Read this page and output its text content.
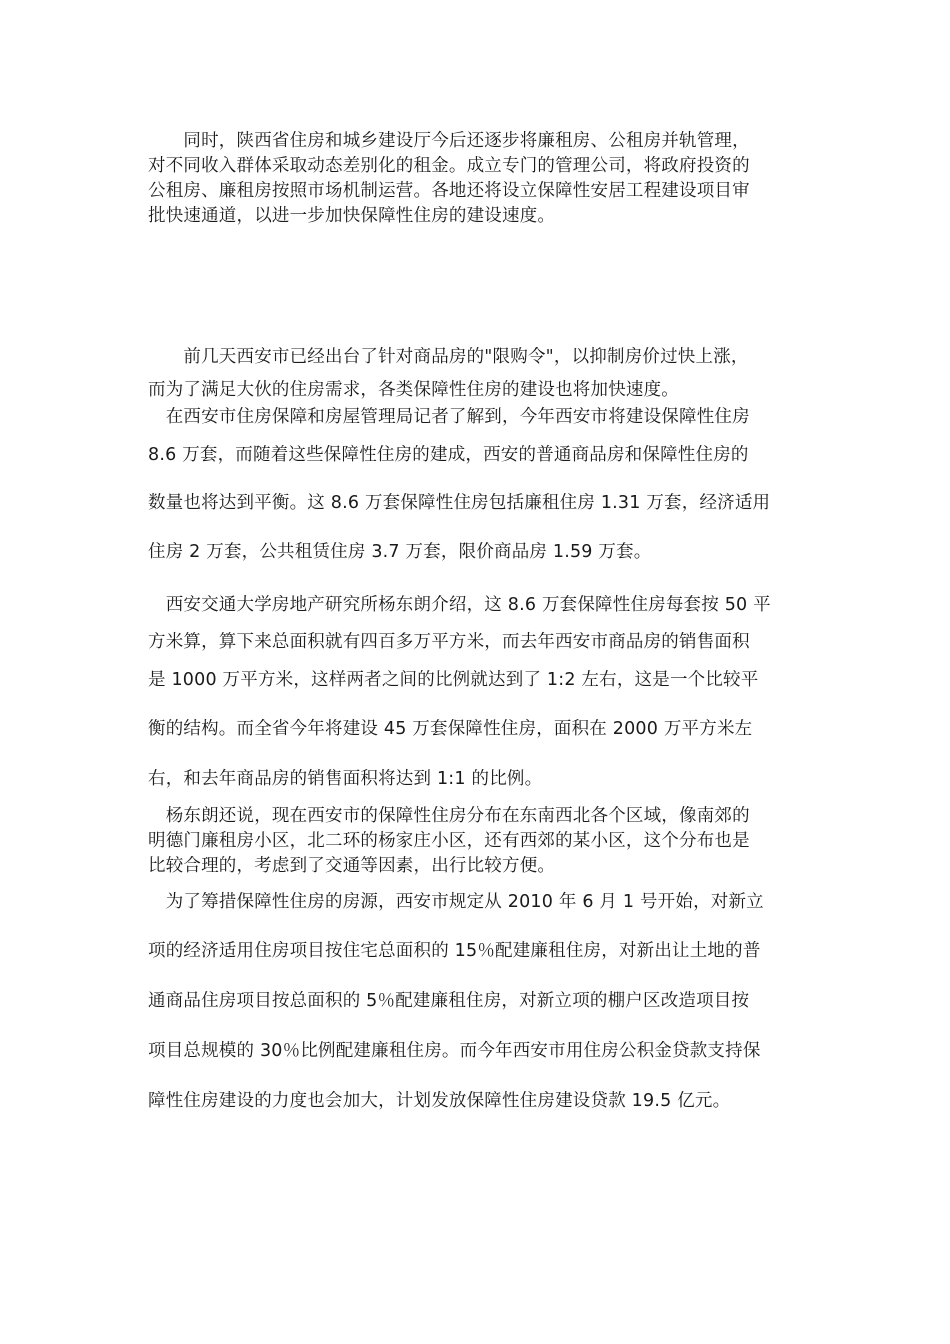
　　同时，陕西省住房和城乡建设厅今后还逐步将廉租房、公租房并轨管理，
对不同收入群体采取动态差别化的租金。成立专门的管理公司，将政府投资的
公租房、廉租房按照市场机制运营。各地还将设立保障性安居工程建设项目审
批快速通道，以进一步加快保障性住房的建设速度。
　　前几天西安市已经出台了针对商品房的"限购令"，以抑制房价过快上涨，
而为了满足大伙的住房需求，各类保障性住房的建设也将加快速度。
　在西安市住房保障和房屋管理局记者了解到，今年西安市将建设保障性住房
8.6 万套，而随着这些保障性住房的建成，西安的普通商品房和保障性住房的
数量也将达到平衡。这 8.6 万套保障性住房包括廉租住房 1.31 万套，经济适用
住房 2 万套，公共租赁住房 3.7 万套，限价商品房 1.59 万套。
　西安交通大学房地产研究所杨东朗介绍，这 8.6 万套保障性住房每套按 50 平
方米算，算下来总面积就有四百多万平方米，而去年西安市商品房的销售面积
是 1000 万平方米，这样两者之间的比例就达到了 1:2 左右，这是一个比较平
衡的结构。而全省今年将建设 45 万套保障性住房，面积在 2000 万平方米左
右，和去年商品房的销售面积将达到 1:1 的比例。
　杨东朗还说，现在西安市的保障性住房分布在东南西北各个区域，像南郊的
明德门廉租房小区，北二环的杨家庄小区，还有西郊的某小区，这个分布也是
比较合理的，考虑到了交通等因素，出行比较方便。
　为了筹措保障性住房的房源，西安市规定从 2010 年 6 月 1 号开始，对新立
项的经济适用住房项目按住宅总面积的 15％配建廉租住房，对新出让土地的普
通商品住房项目按总面积的 5％配建廉租住房，对新立项的棚户区改造项目按
项目总规模的 30％比例配建廉租住房。而今年西安市用住房公积金贷款支持保
障性住房建设的力度也会加大，计划发放保障性住房建设贷款 19.5 亿元。
